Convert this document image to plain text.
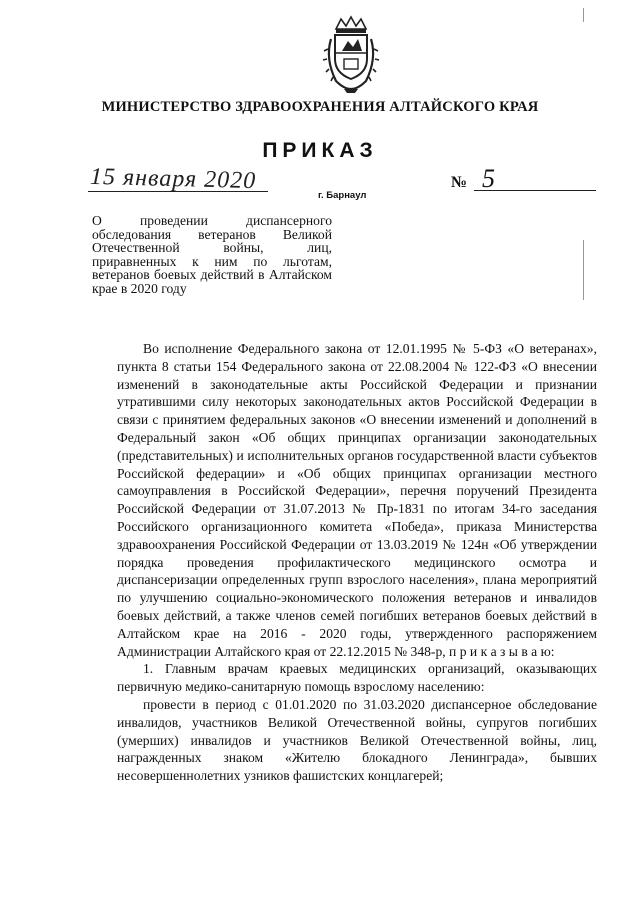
МИНИСТЕРСТВО ЗДРАВООХРАНЕНИЯ АЛТАЙСКОГО КРАЯ
ПРИКАЗ
15 января 2020
г. Барнаул
№ 5
О проведении диспансерного обследования ветеранов Великой Отечественной войны, лиц, приравненных к ним по льготам, ветеранов боевых действий в Алтайском крае в 2020 году

Во исполнение Федерального закона от 12.01.1995 № 5-ФЗ «О ветеранах», пункта 8 статьи 154 Федерального закона от 22.08.2004 № 122-ФЗ «О внесении изменений в законодательные акты Российской Федерации и признании утратившими силу некоторых законодательных актов Российской Федерации в связи с принятием федеральных законов «О внесении изменений и дополнений в Федеральный закон «Об общих принципах организации законодательных (представительных) и исполнительных органов государственной власти субъектов Российской федерации» и «Об общих принципах организации местного самоуправления в Российской Федерации», перечня поручений Президента Российской Федерации от 31.07.2013 № Пр-1831 по итогам 34-го заседания Российского организационного комитета «Победа», приказа Министерства здравоохранения Российской Федерации от 13.03.2019 № 124н «Об утверждении порядка проведения профилактического медицинского осмотра и диспансеризации определенных групп взрослого населения», плана мероприятий по улучшению социально-экономического положения ветеранов и инвалидов боевых действий, а также членов семей погибших ветеранов боевых действий в Алтайском крае на 2016 - 2020 годы, утвержденного распоряжением Администрации Алтайского края от 22.12.2015 № 348-р, п р и к а з ы в а ю:

1. Главным врачам краевых медицинских организаций, оказывающих первичную медико-санитарную помощь взрослому населению:

провести в период с 01.01.2020 по 31.03.2020 диспансерное обследование инвалидов, участников Великой Отечественной войны, супругов погибших (умерших) инвалидов и участников Великой Отечественной войны, лиц, награжденных знаком «Жителю блокадного Ленинграда», бывших несовершеннолетних узников фашистских концлагерей;
